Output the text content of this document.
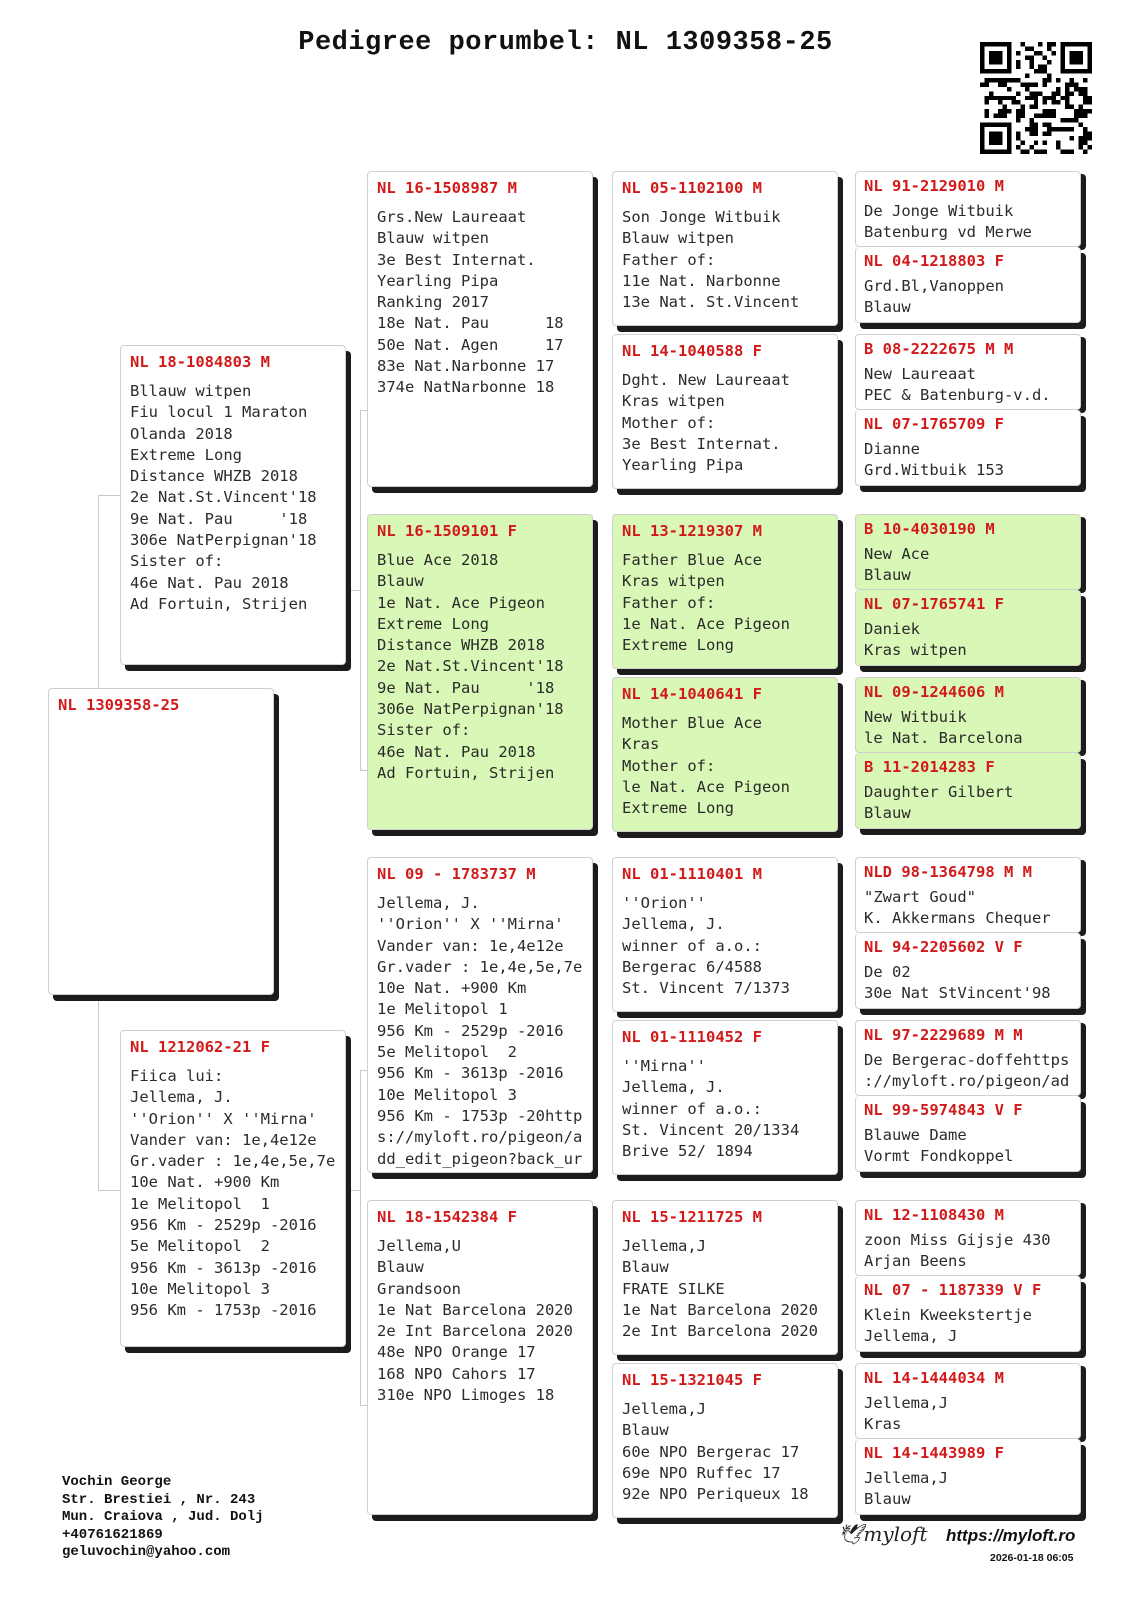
Pedigree porumbel: NL 1309358-25
NL 1309358-25
NL 18-1084803 M
Bllauw witpen
Fiu locul 1 Maraton
Olanda 2018
Extreme Long
Distance WHZB 2018
2e Nat.St.Vincent'18
9e Nat. Pau     '18
306e NatPerpignan'18
Sister of:
46e Nat. Pau 2018
Ad Fortuin, Strijen
NL 1212062-21 F
Fiica lui:
Jellema, J.
''Orion'' X ''Mirna'
Vander van: 1e,4e12e
Gr.vader : 1e,4e,5e,7e
10e Nat. +900 Km
1e Melitopol  1
956 Km - 2529p -2016
5e Melitopol  2
956 Km - 3613p -2016
10e Melitopol 3
956 Km - 1753p -2016
NL 16-1508987 M
Grs.New Laureaat
Blauw witpen
3e Best Internat.
Yearling Pipa
Ranking 2017
18e Nat. Pau      18
50e Nat. Agen     17
83e Nat.Narbonne 17
374e NatNarbonne 18
NL 16-1509101 F
Blue Ace 2018
Blauw
1e Nat. Ace Pigeon
Extreme Long
Distance WHZB 2018
2e Nat.St.Vincent'18
9e Nat. Pau     '18
306e NatPerpignan'18
Sister of:
46e Nat. Pau 2018
Ad Fortuin, Strijen
NL 09 - 1783737 M
Jellema, J.
''Orion'' X ''Mirna'
Vander van: 1e,4e12e
Gr.vader : 1e,4e,5e,7e
10e Nat. +900 Km
1e Melitopol 1
956 Km - 2529p -2016
5e Melitopol  2
956 Km - 3613p -2016
10e Melitopol 3
956 Km - 1753p -20http
s://myloft.ro/pigeon/a
dd_edit_pigeon?back_ur
NL 18-1542384 F
Jellema,U
Blauw
Grandsoon
1e Nat Barcelona 2020
2e Int Barcelona 2020
48e NPO Orange 17
168 NPO Cahors 17
310e NPO Limoges 18
NL 05-1102100 M
Son Jonge Witbuik
Blauw witpen
Father of:
11e Nat. Narbonne
13e Nat. St.Vincent
NL 14-1040588 F
Dght. New Laureaat
Kras witpen
Mother of:
3e Best Internat.
Yearling Pipa
NL 13-1219307 M
Father Blue Ace
Kras witpen
Father of:
1e Nat. Ace Pigeon
Extreme Long
NL 14-1040641 F
Mother Blue Ace
Kras
Mother of:
le Nat. Ace Pigeon
Extreme Long
NL 01-1110401 M
''Orion''
Jellema, J.
winner of a.o.:
Bergerac 6/4588
St. Vincent 7/1373
NL 01-1110452 F
''Mirna''
Jellema, J.
winner of a.o.:
St. Vincent 20/1334
Brive 52/ 1894
NL 15-1211725 M
Jellema,J
Blauw
FRATE SILKE
1e Nat Barcelona 2020
2e Int Barcelona 2020
NL 15-1321045 F
Jellema,J
Blauw
60e NPO Bergerac 17
69e NPO Ruffec 17
92e NPO Periqueux 18
NL 91-2129010 M
De Jonge Witbuik
Batenburg vd Merwe
NL 04-1218803 F
Grd.Bl,Vanoppen
Blauw
B 08-2222675 M M
New Laureaat
PEC & Batenburg-v.d.
NL 07-1765709 F
Dianne
Grd.Witbuik 153
B 10-4030190 M
New Ace
Blauw
NL 07-1765741 F
Daniek
Kras witpen
NL 09-1244606 M
New Witbuik
le Nat. Barcelona
B 11-2014283 F
Daughter Gilbert
Blauw
NLD 98-1364798 M M
"Zwart Goud"
K. Akkermans Chequer
NL 94-2205602 V F
De 02
30e Nat StVincent'98
NL 97-2229689 M M
De Bergerac-doffehttps
://myloft.ro/pigeon/ad
NL 99-5974843 V F
Blauwe Dame
Vormt Fondkoppel
NL 12-1108430 M
zoon Miss Gijsje 430
Arjan Beens
NL 07 - 1187339 V F
Klein Kweekstertje
Jellema, J
NL 14-1444034 M
Jellema,J
Kras
NL 14-1443989 F
Jellema,J
Blauw
Vochin George
Str. Brestiei , Nr. 243
Mun. Craiova , Jud. Dolj
+40761621869
geluvochin@yahoo.com
🕊myloft https://myloft.ro
2026-01-18 06:05
